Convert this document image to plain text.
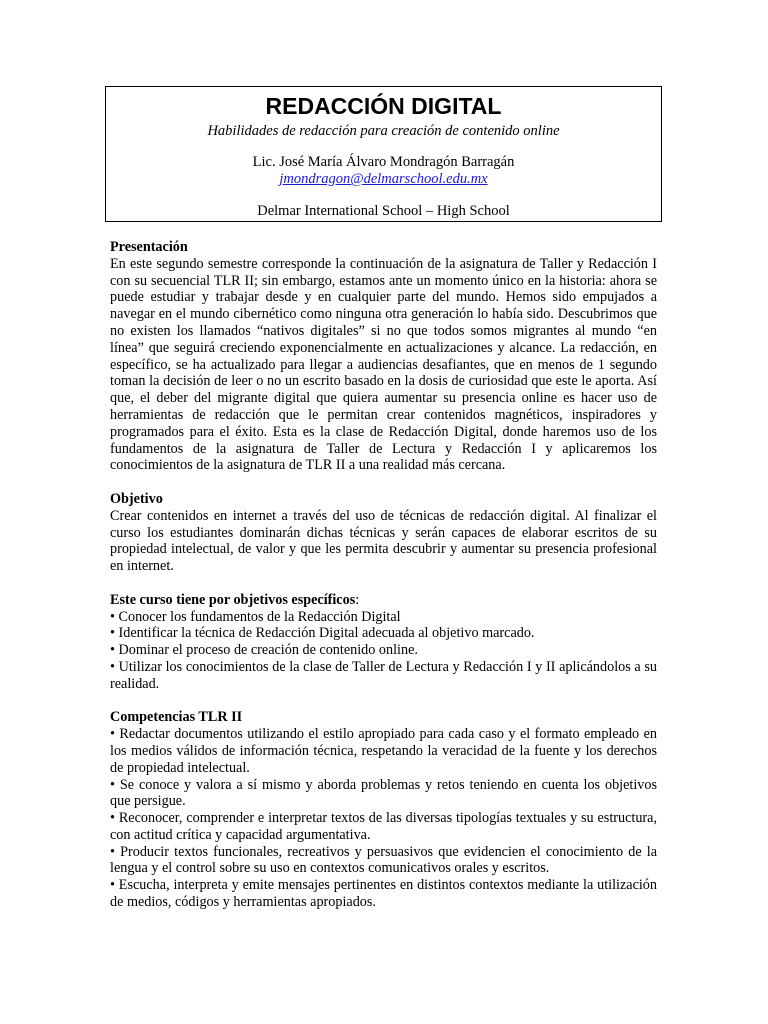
REDACCIÓN DIGITAL
Habilidades de redacción para creación de contenido online
Lic. José María Álvaro Mondragón Barragán
jmondragon@delmarschool.edu.mx
Delmar International School – High School
Presentación

En este segundo semestre corresponde la continuación de la asignatura de Taller y Redacción I con su secuencial TLR II; sin embargo, estamos ante un momento único en la historia: ahora se puede estudiar y trabajar desde y en cualquier parte del mundo. Hemos sido empujados a navegar en el mundo cibernético como ninguna otra generación lo había sido. Descubrimos que no existen los llamados “nativos digitales” si no que todos somos migrantes al mundo “en línea” que seguirá creciendo exponencialmente en actualizaciones y alcance. La redacción, en específico, se ha actualizado para llegar a audiencias desafiantes, que en menos de 1 segundo toman la decisión de leer o no un escrito basado en la dosis de curiosidad que este le aporta. Así que, el deber del migrante digital que quiera aumentar su presencia online es hacer uso de herramientas de redacción que le permitan crear contenidos magnéticos, inspiradores y programados para el éxito. Esta es la clase de Redacción Digital, donde haremos uso de los fundamentos de la asignatura de Taller de Lectura y Redacción I y aplicaremos los conocimientos de la asignatura de TLR II a una realidad más cercana.

Objetivo

Crear contenidos en internet a través del uso de técnicas de redacción digital. Al finalizar el curso los estudiantes dominarán dichas técnicas y serán capaces de elaborar escritos de su propiedad intelectual, de valor y que les permita descubrir y aumentar su presencia profesional en internet.

Este curso tiene por objetivos específicos:

• Conocer los fundamentos de la Redacción Digital

• Identificar la técnica de Redacción Digital adecuada al objetivo marcado.

• Dominar el proceso de creación de contenido online.

• Utilizar los conocimientos de la clase de Taller de Lectura y Redacción I y II aplicándolos a su realidad.

Competencias TLR II

• Redactar documentos utilizando el estilo apropiado para cada caso y el formato empleado en los medios válidos de información técnica, respetando la veracidad de la fuente y los derechos de propiedad intelectual.

• Se conoce y valora a sí mismo y aborda problemas y retos teniendo en cuenta los objetivos que persigue.

• Reconocer, comprender e interpretar textos de las diversas tipologías textuales y su estructura, con actitud crítica y capacidad argumentativa.

• Producir textos funcionales, recreativos y persuasivos que evidencien el conocimiento de la lengua y el control sobre su uso en contextos comunicativos orales y escritos.

• Escucha, interpreta y emite mensajes pertinentes en distintos contextos mediante la utilización de medios, códigos y herramientas apropiados.
